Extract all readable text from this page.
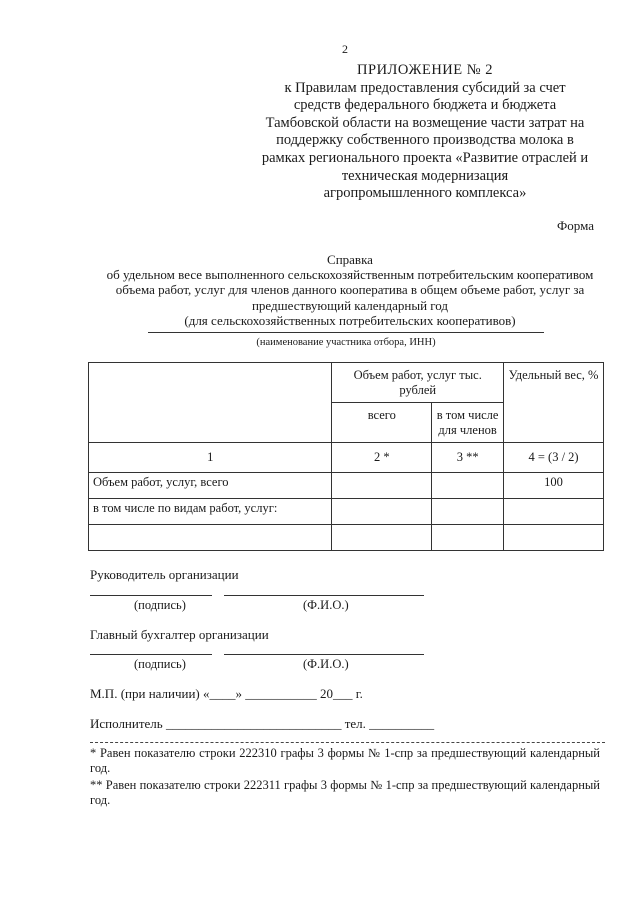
2
ПРИЛОЖЕНИЕ № 2
к Правилам предоставления субсидий за счет
средств федерального бюджета и бюджета
Тамбовской области на возмещение части затрат на
поддержку собственного производства молока в
рамках регионального проекта «Развитие отраслей и
техническая модернизация
агропромышленного комплекса»
Форма
Справка
об удельном весе выполненного сельскохозяйственным потребительским кооперативом
объема работ, услуг для членов данного кооператива в общем объеме работ, услуг за
предшествующий календарный год
(для сельскохозяйственных потребительских кооперативов)
(наименование участника отбора, ИНН)
	Объем работ, услуг тыс. рублей		Удельный вес, %
	всего	в том числе для членов	
1	2 *	3 **	4 = (3 / 2)
Объем работ, услуг, всего			100
в том числе по видам работ, услуг:			

Руководитель организации
(подпись)	(Ф.И.О.)
Главный бухгалтер организации
(подпись)	(Ф.И.О.)
М.П. (при наличии) «____» ___________ 20___ г.
Исполнитель ___________________________ тел. __________
* Равен показателю строки 222310 графы 3 формы № 1-спр за предшествующий календарный год.
** Равен показателю строки 222311 графы 3 формы № 1-спр за предшествующий календарный год.
